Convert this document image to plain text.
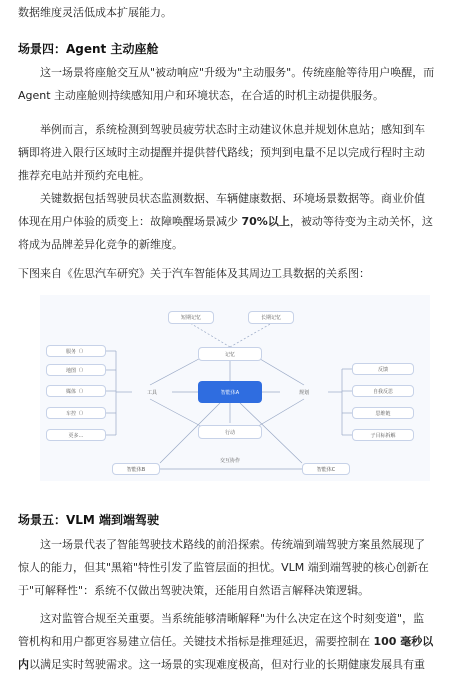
数据维度灵活低成本扩展能力。
场景四：Agent 主动座舱
这一场景将座舱交互从"被动响应"升级为"主动服务"。传统座舱等待用户唤醒，而
Agent 主动座舱则持续感知用户和环境状态，在合适的时机主动提供服务。
举例而言，系统检测到驾驶员疲劳状态时主动建议休息并规划休息站；感知到车
辆即将进入限行区域时主动提醒并提供替代路线；预判到电量不足以完成行程时主动
推荐充电站并预约充电桩。
关键数据包括驾驶员状态监测数据、车辆健康数据、环境场景数据等。商业价值
体现在用户体验的质变上：故障唤醒场景减少 70%以上，被动等待变为主动关怀，这
将成为品牌差异化竞争的新维度。
下图来自《佐思汽车研究》关于汽车智能体及其周边工具数据的关系图：
短期记忆	长期记忆
记忆
智能体A
行动
工具	规划
服务（）
地图（）
媒体（）
车控（）
更多…
反馈
自我反思
思维链
子目标拆解
智能体B	智能体C
交互协作
场景五：VLM 端到端驾驶
这一场景代表了智能驾驶技术路线的前沿探索。传统端到端驾驶方案虽然展现了
惊人的能力，但其"黑箱"特性引发了监管层面的担忧。VLM 端到端驾驶的核心创新在
于"可解释性"：系统不仅做出驾驶决策，还能用自然语言解释决策逻辑。
这对监管合规至关重要。当系统能够清晰解释"为什么决定在这个时刻变道"，监
管机构和用户都更容易建立信任。关键技术指标是推理延迟，需要控制在 100 毫秒以
内以满足实时驾驶需求。这一场景的实现难度极高，但对行业的长期健康发展具有重
